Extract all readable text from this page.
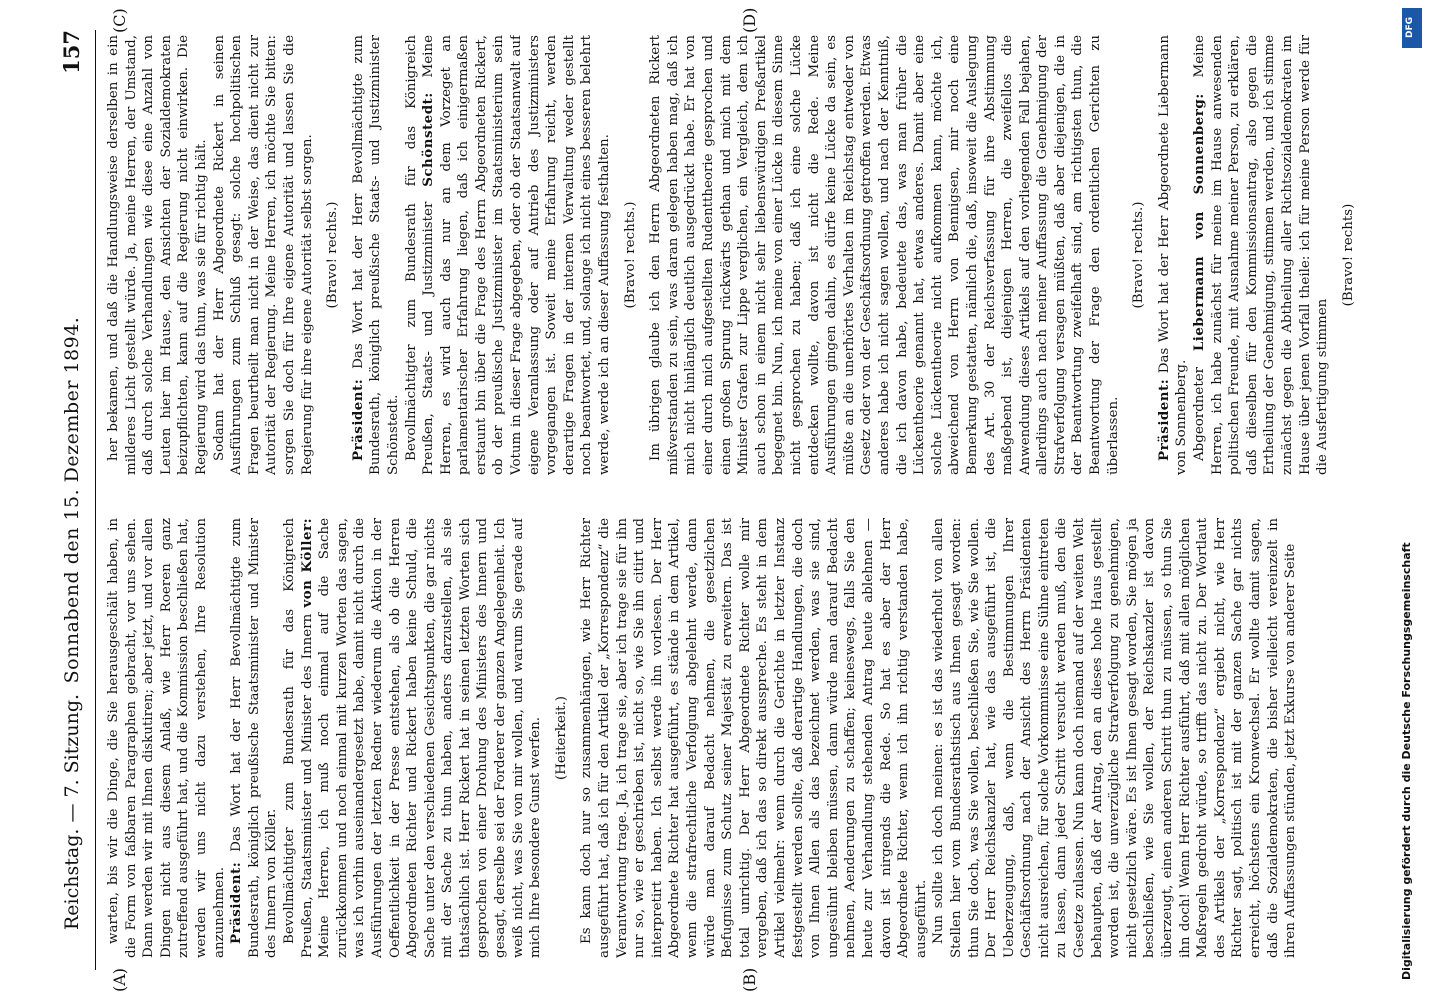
Reichstag. — 7. Sitzung.
Sonnabend den 15. Dezember 1894.
157
(A)	(B)
(C)	(D)

warten, bis wir die Dinge, die Sie herausgeschält haben, in die Form von faßbaren Paragraphen gebracht, vor uns sehen. Dann werden wir mit Ihnen diskutiren; aber jetzt, und vor allen Dingen nicht aus diesem Anlaß, wie Herr Roeren ganz zutreffend ausgeführt hat, und die Kommission beschließen hat, werden wir uns nicht dazu verstehen, Ihre Resolution anzunehmen. Präsident: Das Wort hat der Herr Bevollmächtigte zum Bundesrath, königlich preußische Staatsminister und Minister des Innern von Köller. Bevollmächtigter zum Bundesrath für das Königreich Preußen, Staatsminister und Minister des Innern von Köller: Meine Herren, ich muß noch einmal auf die Sache zurückkommen und noch einmal mit kurzen Worten das sagen, was ich vorhin auseinandergesetzt habe, damit nicht durch die Ausführungen der letzten Redner wiederum die Aktion in der Oeffentlichkeit in der Presse entstehen, als ob die Herren Abgeordneten Richter und Rickert haben keine Schuld, die Sache unter den verschiedenen Gesichtspunkten, die gar nichts mit der Sache zu thun haben, anders darzustellen, als sie thatsächlich ist. Herr Rickert hat in seinen letzten Worten sich gesprochen von einer Drohung des Ministers des Innern und gesagt, derselbe sei der Forderer der ganzen Angelegenheit. Ich weiß nicht, was Sie von mir wollen, und warum Sie gerade auf mich Ihre besondere Gunst werfen. (Heiterkeit.) Es kann doch nur so zusammenhängen, wie Herr Richter ausgeführt hat, daß ich für den Artikel der „Korrespondenz“ die Verantwortung trage. Ja, ich trage sie, aber ich trage sie für ihn nur so, wie er geschrieben ist, nicht so, wie Sie ihn citirt und interpretirt haben. Ich selbst werde ihn vorlesen. Der Herr Abgeordnete Richter hat ausgeführt, es stände in dem Artikel, wenn die strafrechtliche Verfolgung abgelehnt werde, dann würde man darauf Bedacht nehmen, die gesetzlichen Befugnisse zum Schutz seiner Majestät zu erweitern. Das ist total unrichtig. Der Herr Abgeordnete Richter wolle mir vergeben, daß ich das so direkt ausspreche. Es steht in dem Artikel vielmehr: wenn durch die Gerichte in letzter Instanz festgestellt werden sollte, daß derartige Handlungen, die doch von Ihnen Allen als das bezeichnet werden, was sie sind, ungesühnt bleiben müssen, dann würde man darauf Bedacht nehmen, Aenderungen zu schaffen; keineswegs, falls Sie den heute zur Verhandlung stehenden Antrag heute ablehnen — davon ist nirgends die Rede. So hat es aber der Herr Abgeordnete Richter, wenn ich ihn richtig verstanden habe, ausgeführt. Nun sollte ich doch meinen: es ist das wiederholt von allen Stellen hier vom Bundesrathstisch aus Ihnen gesagt worden: thun Sie doch, was Sie wollen, beschließen Sie, wie Sie wollen. Der Herr Reichskanzler hat, wie das ausgeführt ist, die Ueberzeugung, daß, wenn die Bestimmungen Ihrer Geschäftsordnung nach der Ansicht des Herrn Präsidenten nicht ausreichen, für solche Vorkommnisse eine Sühne eintreten zu lassen, dann jeder Schritt versucht werden muß, den die Gesetze zulassen. Nun kann doch niemand auf der weiten Welt behaupten, daß der Antrag, den an dieses hohe Haus gestellt worden ist, die unverzügliche Strafverfolgung zu genehmigen, nicht gesetzlich wäre. Es ist Ihnen gesagt worden, Sie mögen ja beschließen, wie Sie wollen, der Reichskanzler ist davon überzeugt, einen anderen Schritt thun zu müssen, so thun Sie ihn doch! Wenn Herr Richter ausführt, daß mit allen möglichen Maßregeln gedroht würde, so trifft das nicht zu. Der Wortlaut des Artikels der „Korrespondenz“ ergiebt nicht, wie Herr Richter sagt, politisch ist mit der ganzen Sache gar nichts erreicht, höchstens ein Kronwechsel. Er wollte damit sagen, daß die Sozialdemokraten, die bisher vielleicht vereinzelt in ihren Auffassungen stünden, jetzt Exkurse von anderer Seite

her bekamen, und daß die Handlungsweise derselben in ein milderes Licht gestellt würde. Ja, meine Herren, der Umstand, daß durch solche Verhandlungen wie diese eine Anzahl von Leuten hier im Hause, den Ansichten der Sozialdemokraten beizupflichten, kann auf die Regierung nicht einwirken. Die Regierung wird das thun, was sie für richtig hält. Sodann hat der Herr Abgeordnete Rickert in seinen Ausführungen zum Schluß gesagt: solche hochpolitischen Fragen beurtheilt man nicht in der Weise, das dient nicht zur Autorität der Regierung. Meine Herren, ich möchte Sie bitten: sorgen Sie doch für Ihre eigene Autorität und lassen Sie die Regierung für ihre eigene Autorität selbst sorgen. (Bravo! rechts.)

Präsident: Das Wort hat der Herr Bevollmächtigte zum Bundesrath, königlich preußische Staats- und Justizminister Schönstedt. Bevollmächtigter zum Bundesrath für das Königreich Preußen, Staats- und Justizminister Schönstedt: Meine Herren, es wird auch das nur an dem Vorzeget an parlamentarischer Erfahrung liegen, daß ich einigermaßen erstaunt bin über die Frage des Herrn Abgeordneten Rickert, ob der preußische Justizminister im Staatsministerium sein Votum in dieser Frage abgegeben, oder ob der Staatsanwalt auf eigene Veranlassung oder auf Antrieb des Justizministers vorgegangen ist. Soweit meine Erfahrung reicht, werden derartige Fragen in der internen Verwaltung weder gestellt noch beantwortet, und, solange ich nicht eines besseren belehrt werde, werde ich an dieser Auffassung festhalten. (Bravo! rechts.) Im übrigen glaube ich den Herrn Abgeordneten Rickert mißverstanden zu sein, was daran gelegen haben mag, daß ich mich nicht hinlänglich deutlich ausgedrückt habe. Er hat von einer durch mich aufgestellten Rudenttheorie gesprochen und einen großen Sprung rückwärts gethan und mich mit dem Minister Grafen zur Lippe verglichen, ein Vergleich, dem ich auch schon in einem nicht sehr liebenswürdigen Preßartikel begegnet bin. Nun, ich meine von einer Lücke in diesem Sinne nicht gesprochen zu haben; daß ich eine solche Lücke entdecken wollte, davon ist nicht die Rede. Meine Ausführungen gingen dahin, es dürfe keine Lücke da sein, es müßte an die unerhörtes Verhalten im Reichstag entweder von Gesetz oder von der Geschäftsordnung getroffen werden. Etwas anderes habe ich nicht sagen wollen, und nach der Kenntniß, die ich davon habe, bedeutete das, was man früher die Lückentheorie genannt hat, etwas anderes. Damit aber eine solche Lückentheorie nicht aufkommen kann, möchte ich, abweichend von Herrn von Bennigsen, mir noch eine Bemerkung gestatten, nämlich die, daß, insoweit die Auslegung des Art. 30 der Reichsverfassung für ihre Abstimmung maßgebend ist, diejenigen Herren, die zweifellos die Anwendung dieses Artikels auf den vorliegenden Fall bejahen, allerdings auch nach meiner Auffassung die Genehmigung der Strafverfolgung versagen müßten, daß aber diejenigen, die in der Beantwortung zweifelhaft sind, am richtigsten thun, die Beantwortung der Frage den ordentlichen Gerichten zu überlassen.

(Bravo! rechts.)

Präsident: Das Wort hat der Herr Abgeordnete Liebermann von Sonnenberg. Abgeordneter Liebermann von Sonnenberg: Meine Herren, ich habe zunächst für meine im Hause anwesenden politischen Freunde, mit Ausnahme meiner Person, zu erklären, daß dieselben für den Kommissionsantrag, also gegen die Ertheilung der Genehmigung, stimmen werden, und ich stimme zunächst gegen die Abtheilung aller Richtsozialdemokraten im Hause über jenen Vorfall theile: ich für meine Person werde für die Ausfertigung stimmen

(Bravo! rechts)

Digitalisierung gefördert durch die Deutsche Forschungsgemeinschaft
DFG
